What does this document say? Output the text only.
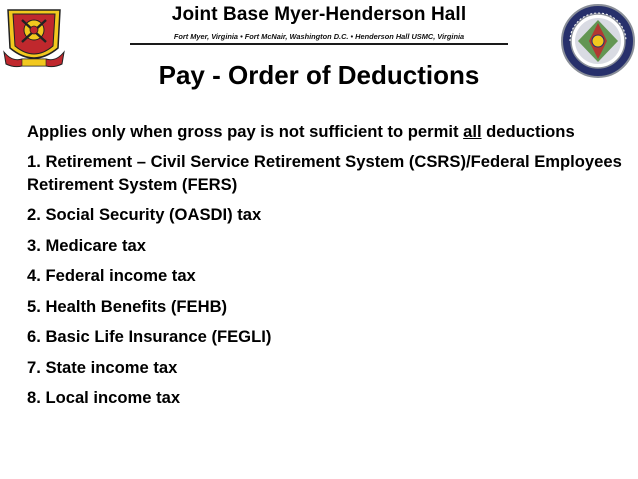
Joint Base Myer-Henderson Hall
Fort Myer, Virginia • Fort McNair, Washington D.C. • Henderson Hall USMC, Virginia
Pay - Order of Deductions

Applies only when gross pay is not sufficient to permit all deductions

1. Retirement – Civil Service Retirement System (CSRS)/Federal Employees Retirement System (FERS)
2. Social Security (OASDI) tax
3. Medicare tax
4. Federal income tax
5. Health Benefits (FEHB)
6. Basic Life Insurance (FEGLI)
7. State income tax
8. Local income tax
